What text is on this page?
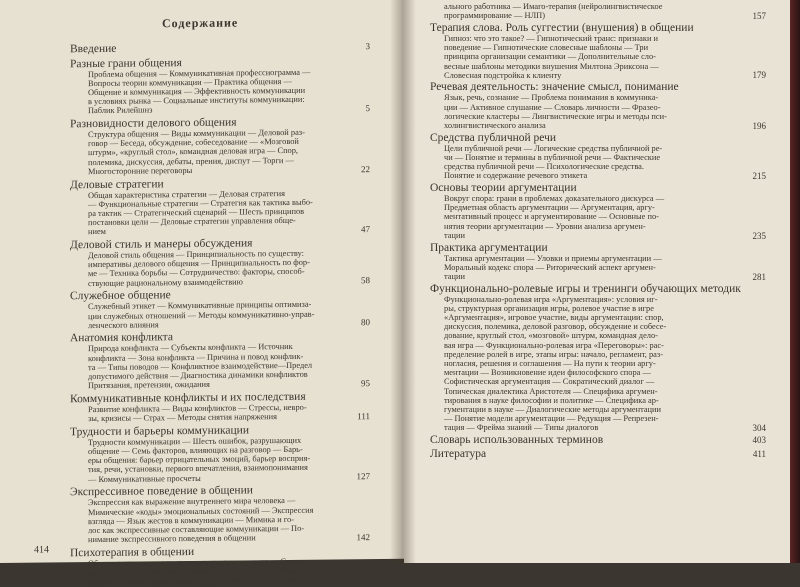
Содержание
Введение	3
Разные грани общения
Проблема общения — Коммуникативная профессиограмма —
Вопросы теории коммуникации — Практика общения —
Общение и коммуникация — Эффективность коммуникации
в условиях рынка — Социальные институты коммуникации:
Паблик Рилейшнз	5
Разновидности делового общения
Структура общения — Виды коммуникации — Деловой раз-
говор — Беседа, обсуждение, собеседование — «Мозговой
штурм», «круглый стол», командная деловая игра — Спор,
полемика, дискуссия, дебаты, прения, диспут — Торги —
Многосторонние переговоры	22
Деловые стратегии
Общая характеристика стратегии — Деловая стратегия
— Функциональные стратегии — Стратегия как тактика выбо-
ра тактик — Стратегический сценарий — Шесть принципов
постановки цели — Деловые стратегии управления обще-
нием	47
Деловой стиль и манеры обсуждения
Деловой стиль общения — Принципиальность по существу:
императивы делового общения — Принципиальность по фор-
ме — Техника борьбы — Сотрудничество: факторы, способ-
ствующие рациональному взаимодействию	58
Служебное общение
Служебный этикет — Коммуникативные принципы оптимиза-
ции служебных отношений — Методы коммуникативно-управ-
ленческого влияния	80
Анатомия конфликта
Природа конфликта — Субъекты конфликта — Источник
конфликта — Зона конфликта — Причина и повод конфлик-
та — Типы поводов — Конфликтное взаимодействие—Предел
допустимого действия — Диагностика динамики конфликтов
Притязания, претензии, ожидания	95
Коммуникативные конфликты и их последствия
Развитие конфликта — Виды конфликтов — Стрессы, невро-
зы, кризисы — Страх — Методы снятия напряжения	111
Трудности и барьеры коммуникации
Трудности коммуникации — Шесть ошибок, разрушающих
общение — Семь факторов, влияющих на разговор — Барь-
еры общения: барьер отрицательных эмоций, барьер восприя-
тия, речи, установки, первого впечатления, взаимопонимания
— Коммуникативные просчеты	127
Экспрессивное поведение в общении
Экспрессия как выражение внутреннего мира человека —
Мимические «коды» эмоциональных состояний — Экспрессия
взгляда — Язык жестов в коммуникации — Мимика и го-
лос как экспрессивные составляющие коммуникации — По-
нимание экспрессивного поведения в общении	142
Психотерапия в общении
Общение как социально-психологическое явление — Содер-
жание теории социально-психологической работы — Разно-
видности психотерапии в клиентурной деятельности соци-
414
ального работника — Имаго-терапия (нейролингвистическое
программирование — НЛП)	157
Терапия слова. Роль суггестии (внушения) в общении
Гипноз: что это такое? — Гипнотический транс: признаки и
поведение — Гипнотические словесные шаблоны — Три
принципа организации семантики — Дополнительные сло-
весные шаблоны методики внушения Милтона Эриксона —
Словесная подстройка к клиенту	179
Речевая деятельность: значение смысл, понимание
Язык, речь, сознание — Проблема понимания в коммуника-
ции — Активное слушание — Словарь личности — Фразео-
логические кластеры — Лингвистические игры и методы пси-
холингвистического анализа	196
Средства публичной речи
Цели публичной речи — Логические средства публичной ре-
чи — Понятие и термины в публичной речи — Фактические
средства публичной речи — Психологические средства.
Понятие и содержание речевого этикета	215
Основы теории аргументации
Вокруг спора: грани в проблемах доказательного дискурса —
Предметная область аргументации — Аргументация, аргу-
ментативный процесс и аргументирование — Основные по-
нятия теории аргументации — Уровни анализа аргумен-
тации	235
Практика аргументации
Тактика аргументации — Уловки и приемы аргументации —
Моральный кодекс спора — Риторический аспект аргумен-
тации	281
Функционально-ролевые игры и тренинги обучающих методик
Функционально-ролевая игра «Аргументация»: условия иг-
ры, структурная организация игры, ролевое участие в игре
«Аргументация», игровое участие, виды аргументации: спор,
дискуссия, полемика, деловой разговор, обсуждение и собесе-
дование, круглый стол, «мозговой» штурм, командная дело-
вая игра — Функционально-ролевая игра «Переговоры»: рас-
пределение ролей в игре, этапы игры: начало, регламент, раз-
ногласия, решения и соглашения — На пути к теории аргу-
ментации — Возникновение идеи философского спора —
Софистическая аргументация — Сократический диалог —
Топическая диалектика Аристотеля — Специфика аргумен-
тирования в науке философии и политике — Специфика ар-
гументации в науке — Диалогические методы аргументации
— Понятие модели аргументации — Редукция — Репрезен-
тация — Фрейма знаний — Типы диалогов	304
Словарь использованных терминов	403
Литература	411
